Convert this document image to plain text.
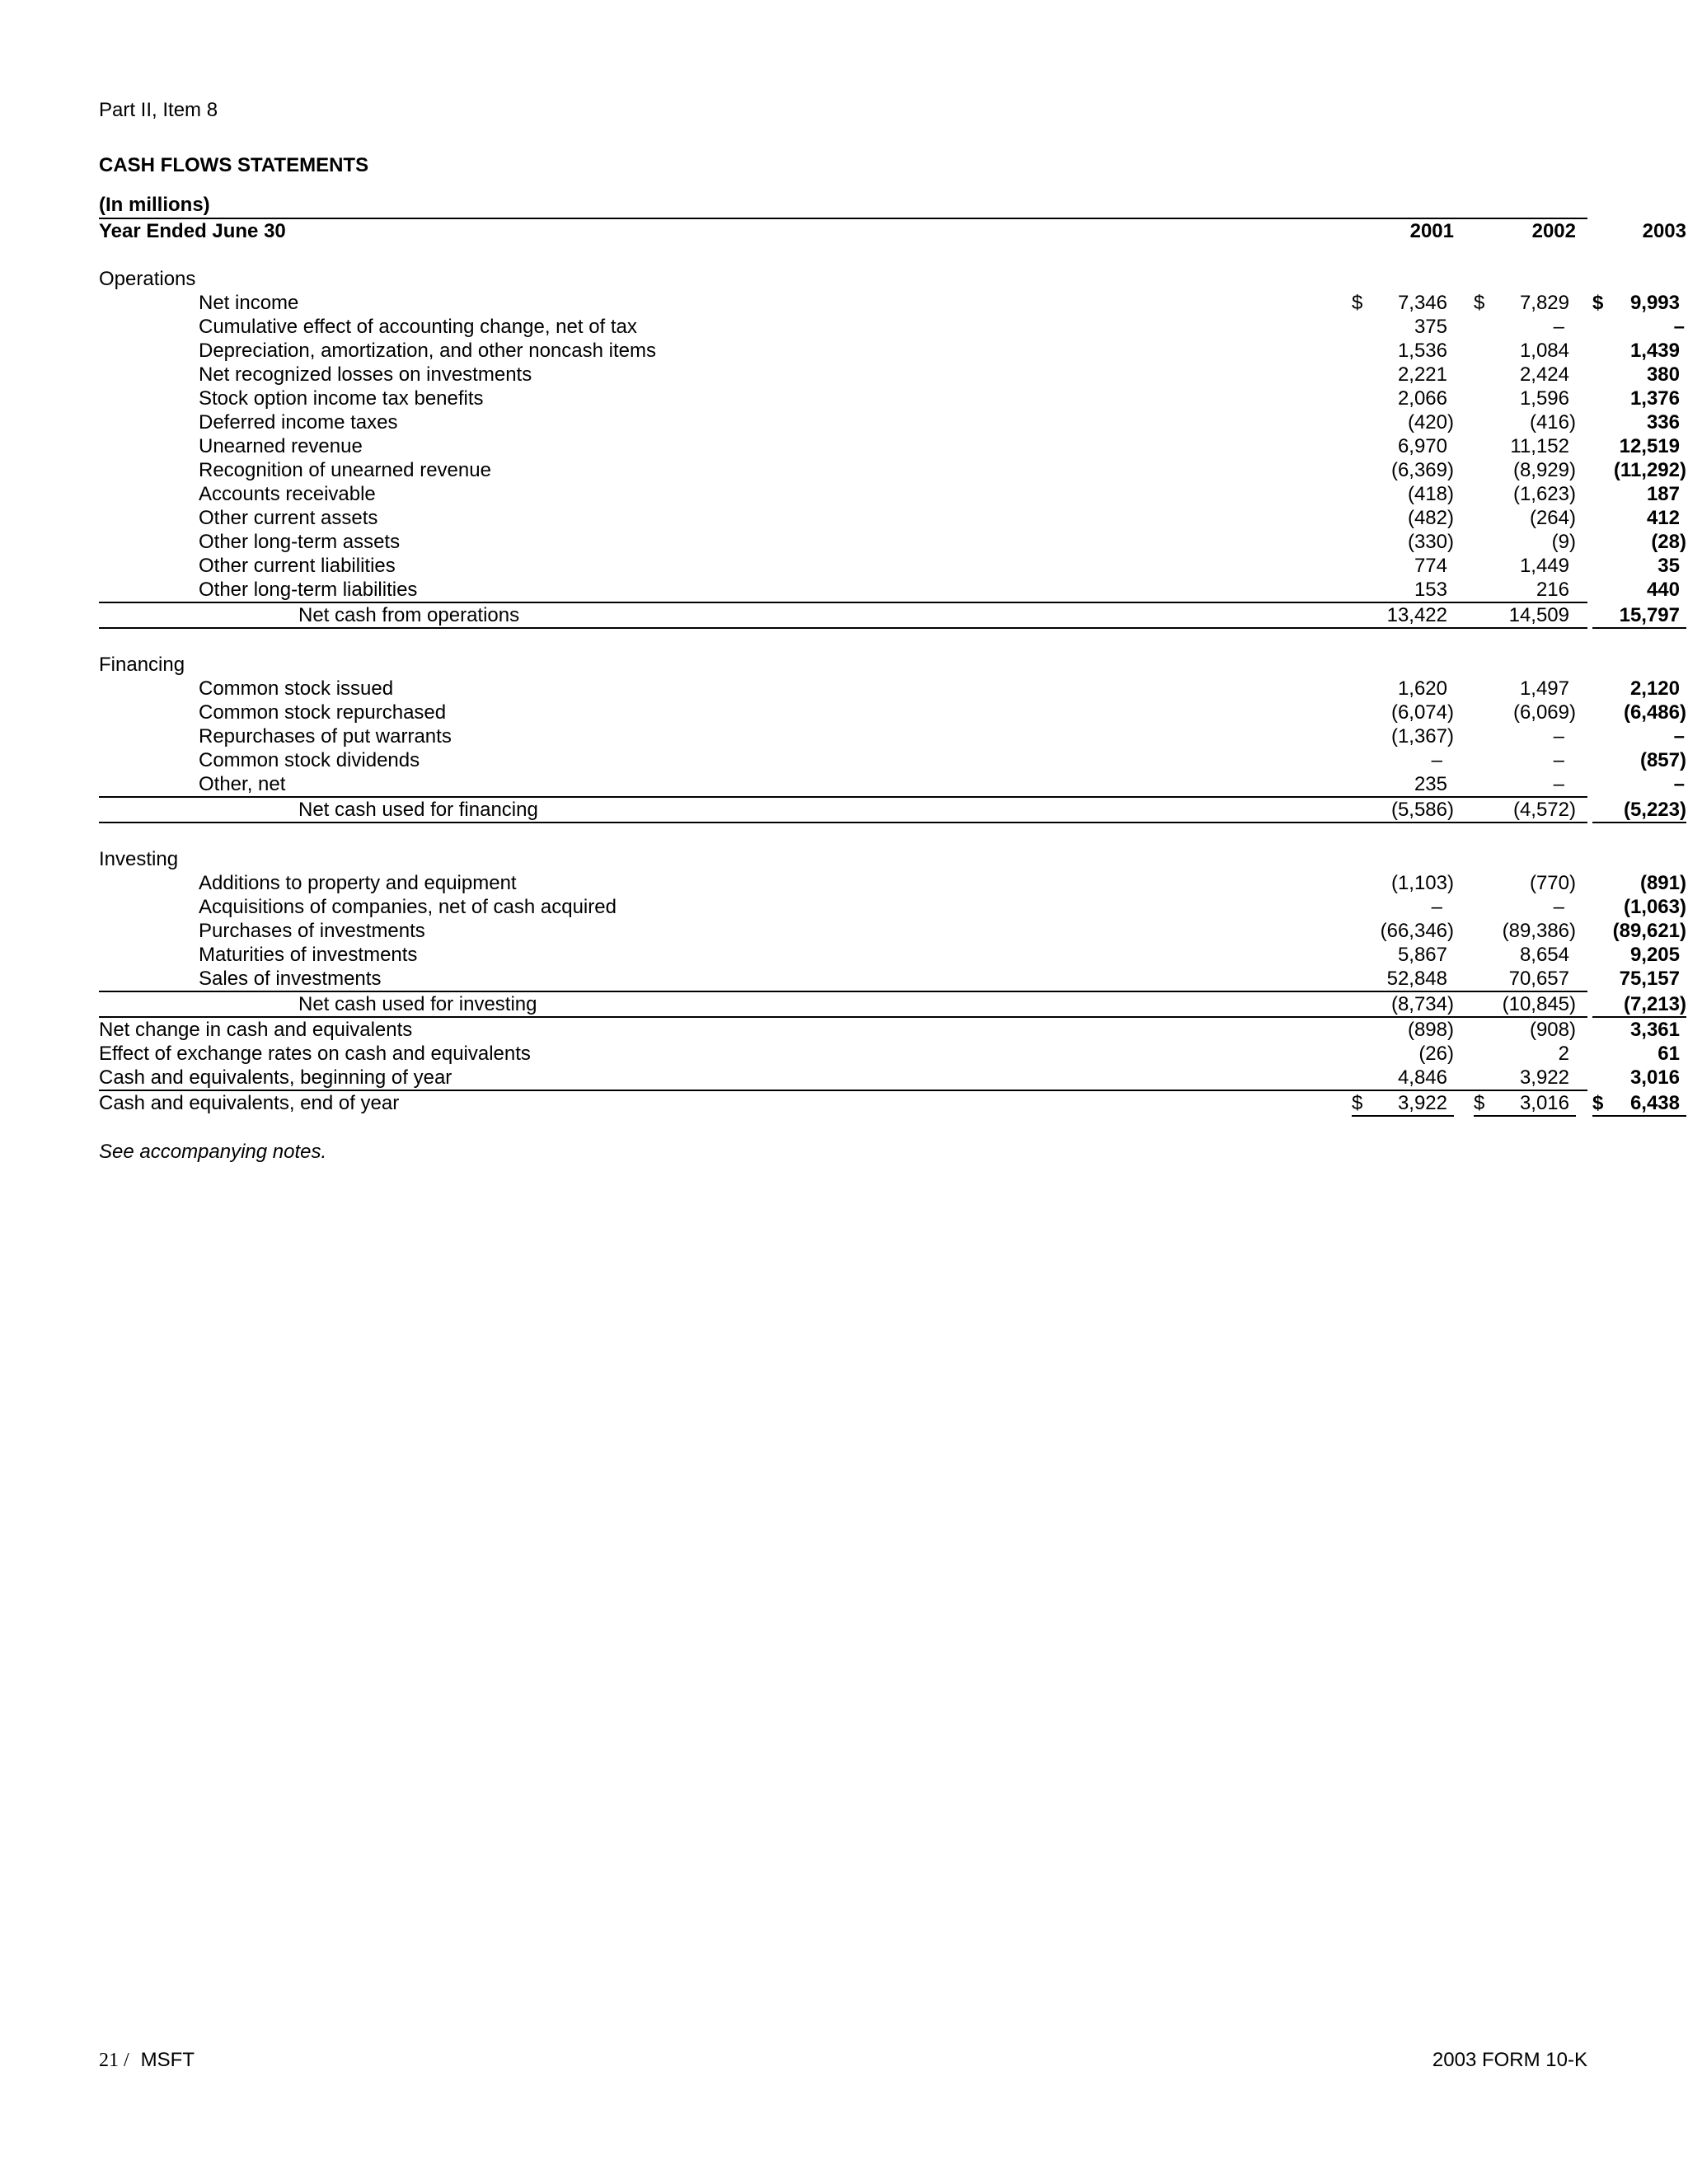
Part II, Item 8
CASH FLOWS STATEMENTS
(In millions)
Year Ended June 30	2001	2002	2003
Operations
Net income	$ 7,346 $ 7,829 $ 9,993
Cumulative effect of accounting change, net of tax	375	–	–
Depreciation, amortization, and other noncash items	1,536	1,084	1,439
Net recognized losses on investments	2,221	2,424	380
Stock option income tax benefits	2,066	1,596	1,376
Deferred income taxes	(420)	(416)	336
Unearned revenue	6,970	11,152	12,519
Recognition of unearned revenue	(6,369)	(8,929) (11,292)
Accounts receivable	(418)	(1,623)	187
Other current assets	(482)	(264)	412
Other long-term assets	(330)	(9)	(28)
Other current liabilities	774	1,449	35
Other long-term liabilities	153	216	440
Net cash from operations	13,422	14,509	15,797
Financing
Common stock issued	1,620	1,497	2,120
Common stock repurchased	(6,074)	(6,069) (6,486)
Repurchases of put warrants	(1,367)	–	–
Common stock dividends	–	–	(857)
Other, net	235	–	–
Net cash used for financing	(5,586)	(4,572) (5,223)
Investing
Additions to property and equipment	(1,103)	(770)	(891)
Acquisitions of companies, net of cash acquired	–	–	(1,063)
Purchases of investments	(66,346) (89,386) (89,621)
Maturities of investments	5,867	8,654	9,205
Sales of investments	52,848	70,657	75,157
Net cash used for investing	(8,734) (10,845) (7,213)
Net change in cash and equivalents	(898)	(908)	3,361
Effect of exchange rates on cash and equivalents	(26)	2	61
Cash and equivalents, beginning of year	4,846	3,922	3,016
Cash and equivalents, end of year	$ 3,922 $ 3,016 $ 6,438
See accompanying notes.
21 / MSFT	2003 FORM 10-K
